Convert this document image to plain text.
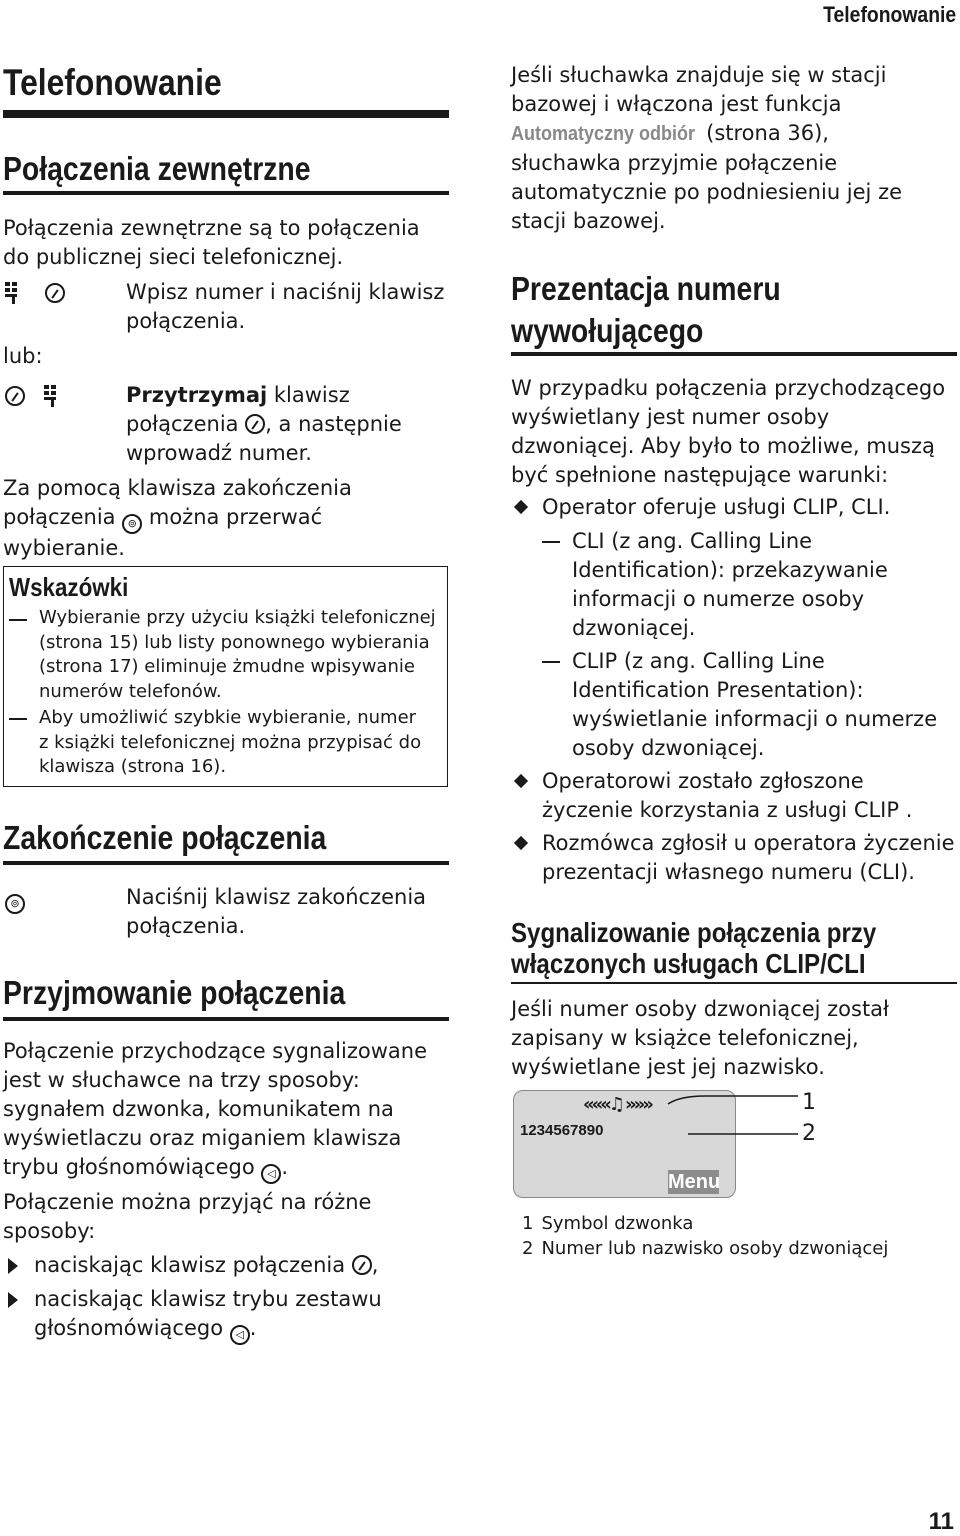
Telefonowanie
Telefonowanie
Połączenia zewnętrzne
Połączenia zewnętrzne są to połączenia
do publicznej sieci telefonicznej.
Wpisz numer i naciśnij klawisz
połączenia.
lub:
Przytrzymaj klawisz
połączenia
, a następnie
wprowadź numer.
Za pomocą klawisza zakończenia
połączenia ⊚ można przerwać
wybieranie.
Wskazówki
Wybieranie przy użyciu książki telefonicznej
(strona 15) lub listy ponownego wybierania
(strona 17) eliminuje żmudne wpisywanie
numerów telefonów.
Aby umożliwić szybkie wybieranie, numer
z książki telefonicznej można przypisać do
klawisza (strona 16).
Zakończenie połączenia
⊚	Naciśnij klawisz zakończenia
połączenia.
Przyjmowanie połączenia
Połączenie przychodzące sygnalizowane
jest w słuchawce na trzy sposoby:
sygnałem dzwonka, komunikatem na
wyświetlaczu oraz miganiem klawisza
trybu głośnomówiącego ◁ .
Połączenie można przyjąć na różne
sposoby:
naciskając klawisz połączenia
,
naciskając klawisz trybu zestawu
głośnomówiącego ◁ .
Jeśli słuchawka znajduje się w stacji
bazowej i włączona jest funkcja
Automatyczny odbiór (strona 36),
słuchawka przyjmie połączenie
automatycznie po podniesieniu jej ze
stacji bazowej.
Prezentacja numeru
wywołującego
W przypadku połączenia przychodzącego
wyświetlany jest numer osoby
dzwoniącej. Aby było to możliwe, muszą
być spełnione następujące warunki:
Operator oferuje usługi CLIP, CLI.
CLI (z ang. Calling Line
Identification): przekazywanie
informacji o numerze osoby
dzwoniącej.
CLIP (z ang. Calling Line
Identification Presentation):
wyświetlanie informacji o numerze
osoby dzwoniącej.
Operatorowi zostało zgłoszone
życzenie korzystania z usługi CLIP .
Rozmówca zgłosił u operatora życzenie
prezentacji własnego numeru (CLI).
Sygnalizowanie połączenia przy
włączonych usługach CLIP/CLI
Jeśli numer osoby dzwoniącej został
zapisany w książce telefonicznej,
wyświetlane jest jej nazwisko.
«««♫»»»
1234567890
Menu
1
2
1 Symbol dzwonka
2 Numer lub nazwisko osoby dzwoniącej
11
